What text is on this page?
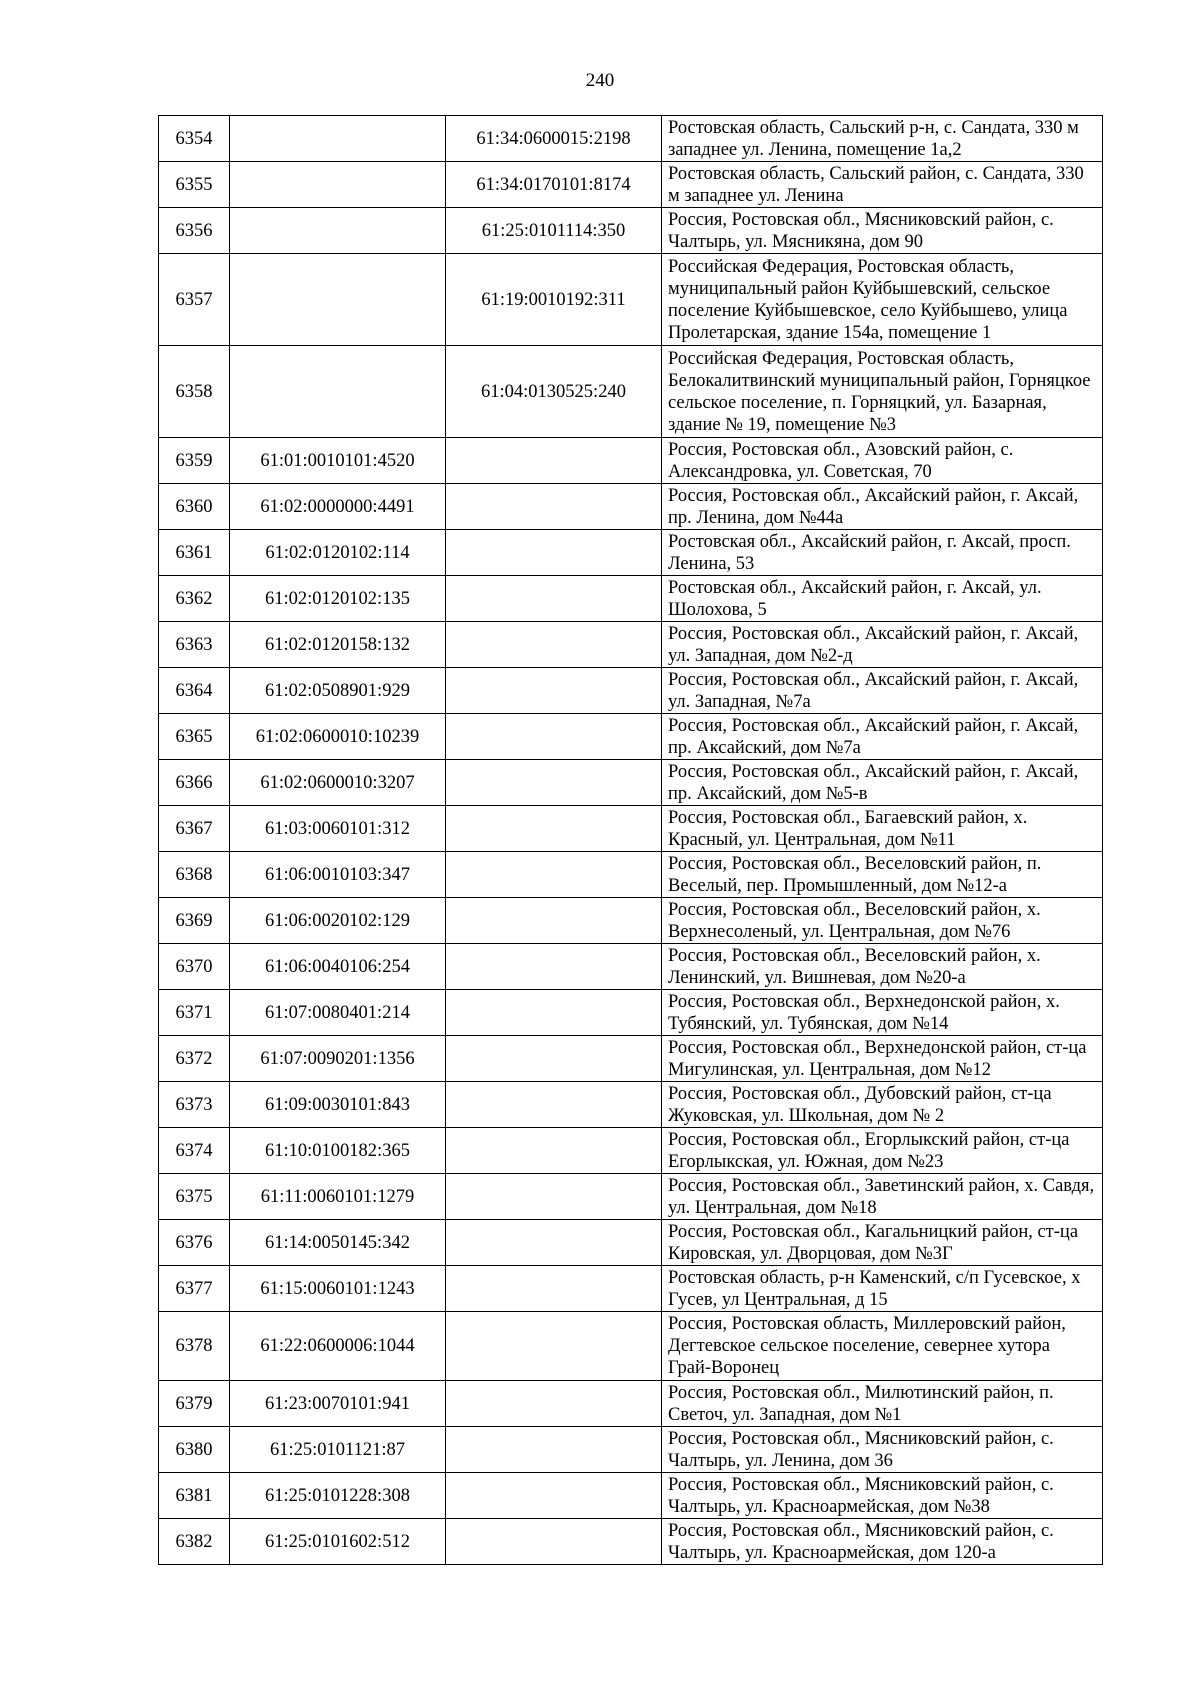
240
6354		61:34:0600015:2198	Ростовская область, Сальский р-н, с. Сандата, 330 м западнее ул. Ленина, помещение 1а,2
6355		61:34:0170101:8174	Ростовская область, Сальский район, с. Сандата, 330 м западнее ул. Ленина
6356		61:25:0101114:350	Россия, Ростовская обл., Мясниковский район, с. Чалтырь, ул. Мясникяна, дом 90
6357		61:19:0010192:311	Российская Федерация, Ростовская область, муниципальный район Куйбышевский, сельское поселение Куйбышевское, село Куйбышево, улица Пролетарская, здание 154а, помещение 1
6358		61:04:0130525:240	Российская Федерация, Ростовская область, Белокалитвинский муниципальный район, Горняцкое сельское поселение, п. Горняцкий, ул. Базарная, здание № 19, помещение №3
6359	61:01:0010101:4520		Россия, Ростовская обл., Азовский район, с. Александровка, ул. Советская, 70
6360	61:02:0000000:4491		Россия, Ростовская обл., Аксайский район, г. Аксай, пр. Ленина, дом №44а
6361	61:02:0120102:114		Ростовская обл., Аксайский район, г. Аксай, просп. Ленина, 53
6362	61:02:0120102:135		Ростовская обл., Аксайский район, г. Аксай, ул. Шолохова, 5
6363	61:02:0120158:132		Россия, Ростовская обл., Аксайский район, г. Аксай, ул. Западная, дом №2-д
6364	61:02:0508901:929		Россия, Ростовская обл., Аксайский район, г. Аксай, ул. Западная, №7а
6365	61:02:0600010:10239		Россия, Ростовская обл., Аксайский район, г. Аксай, пр. Аксайский, дом №7а
6366	61:02:0600010:3207		Россия, Ростовская обл., Аксайский район, г. Аксай, пр. Аксайский, дом №5-в
6367	61:03:0060101:312		Россия, Ростовская обл., Багаевский район, х. Красный, ул. Центральная, дом №11
6368	61:06:0010103:347		Россия, Ростовская обл., Веселовский район, п. Веселый, пер. Промышленный, дом №12-а
6369	61:06:0020102:129		Россия, Ростовская обл., Веселовский район, х. Верхнесоленый, ул. Центральная, дом №76
6370	61:06:0040106:254		Россия, Ростовская обл., Веселовский район, х. Ленинский, ул. Вишневая, дом №20-а
6371	61:07:0080401:214		Россия, Ростовская обл., Верхнедонской район, х. Тубянский, ул. Тубянская, дом №14
6372	61:07:0090201:1356		Россия, Ростовская обл., Верхнедонской район, ст-ца Мигулинская, ул. Центральная, дом №12
6373	61:09:0030101:843		Россия, Ростовская обл., Дубовский район, ст-ца Жуковская, ул. Школьная, дом № 2
6374	61:10:0100182:365		Россия, Ростовская обл., Егорлыкский район, ст-ца Егорлыкская, ул. Южная, дом №23
6375	61:11:0060101:1279		Россия, Ростовская обл., Заветинский район, х. Савдя, ул. Центральная, дом №18
6376	61:14:0050145:342		Россия, Ростовская обл., Кагальницкий район, ст-ца Кировская, ул. Дворцовая, дом №3Г
6377	61:15:0060101:1243		Ростовская область, р-н Каменский, с/п Гусевское, х Гусев, ул Центральная, д 15
6378	61:22:0600006:1044		Россия, Ростовская область, Миллеровский район, Дегтевское сельское поселение, севернее хутора Грай-Воронец
6379	61:23:0070101:941		Россия, Ростовская обл., Милютинский район, п. Светоч, ул. Западная, дом №1
6380	61:25:0101121:87		Россия, Ростовская обл., Мясниковский район, с. Чалтырь, ул. Ленина, дом 36
6381	61:25:0101228:308		Россия, Ростовская обл., Мясниковский район, с. Чалтырь, ул. Красноармейская, дом №38
6382	61:25:0101602:512		Россия, Ростовская обл., Мясниковский район, с. Чалтырь, ул. Красноармейская, дом 120-а
